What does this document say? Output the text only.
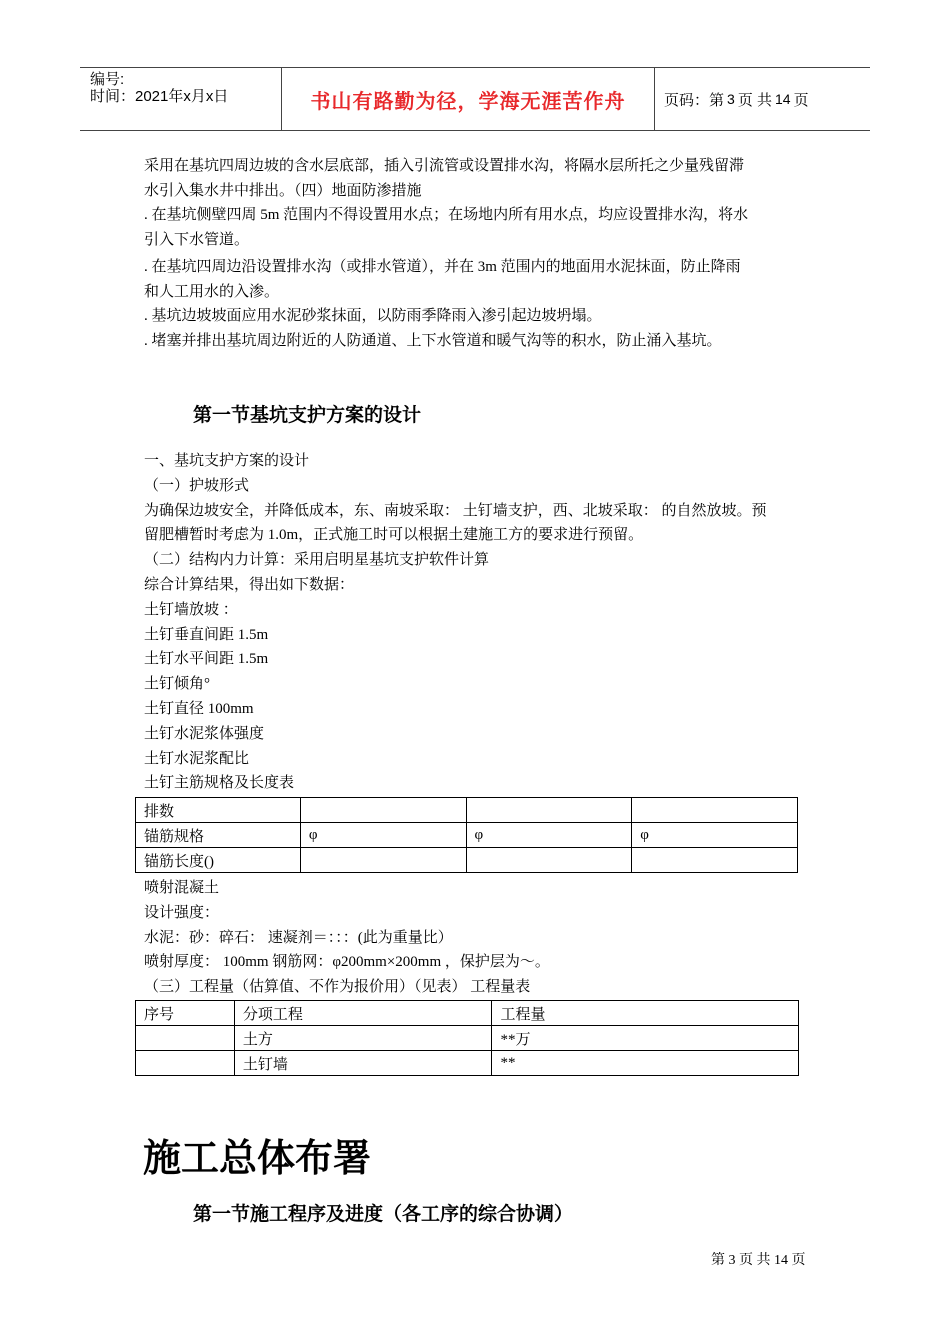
编号:
时间：2021年x月x日	书山有路勤为径，学海无涯苦作舟	页码：第 3 页 共 14 页
采用在基坑四周边坡的含水层底部，插入引流管或设置排水沟，将隔水层所托之少量残留滞
水引入集水井中排出。（四）地面防渗措施
. 在基坑侧壁四周 5m 范围内不得设置用水点；在场地内所有用水点，均应设置排水沟，将水
引入下水管道。
. 在基坑四周边沿设置排水沟（或排水管道），并在 3m 范围内的地面用水泥抹面，防止降雨
和人工用水的入渗。
. 基坑边坡坡面应用水泥砂浆抹面，以防雨季降雨入渗引起边坡坍塌。
. 堵塞并排出基坑周边附近的人防通道、上下水管道和暖气沟等的积水，防止涌入基坑。
第一节基坑支护方案的设计
一、基坑支护方案的设计
（一）护坡形式
为确保边坡安全，并降低成本，东、南坡采取： 土钉墙支护，西、北坡采取： 的自然放坡。预
留肥槽暂时考虑为 1.0m，正式施工时可以根据土建施工方的要求进行预留。
（二）结构内力计算：采用启明星基坑支护软件计算
综合计算结果，得出如下数据：
土钉墙放坡 ：
土钉垂直间距 1.5m
土钉水平间距 1.5m
土钉倾角°
土钉直径 100mm
土钉水泥浆体强度
土钉水泥浆配比
土钉主筋规格及长度表
排数			
锚筋规格	φ	φ	φ
锚筋长度()			
喷射混凝土
设计强度：
水泥：砂：碎石： 速凝剂＝：：：(此为重量比）
喷射厚度： 100mm 钢筋网：φ200mm×200mm ，保护层为～。
（三）工程量（估算值、不作为报价用）（见表） 工程量表
序号	分项工程	工程量
	土方	**万
	土钉墙	**
施工总体布署
第一节施工程序及进度（各工序的综合协调）
第 3 页 共 14 页
